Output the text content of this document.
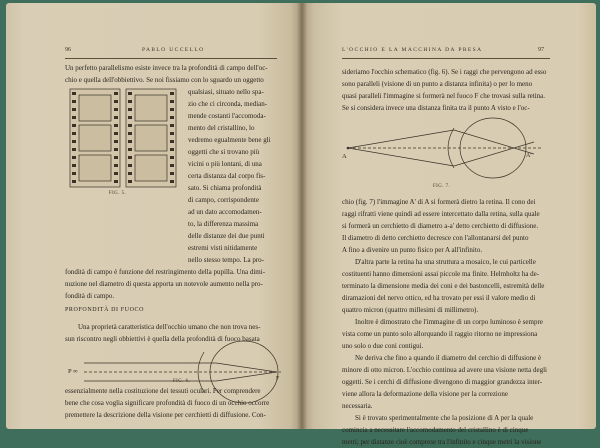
96	PABLO UCCELLO
Un perfetto parallelismo esiste invece tra la profondità di campo dell'oc-
chio e quella dell'obbiettivo. Se noi fissiamo con lo sguardo un oggetto
qualsiasi, situato nello spa-
zio che ci circonda, median-
mende costanti l'accomoda-
mento del cristallino, lo
vedremo egualmente bene gli
oggetti che si trovano più
vicini o più lontani, di una
certa distanza dal corpo fis-
sato. Si chiama profondità
di campo, corrispondente
ad un dato accomodamen-
to, la differenza massima
delle distanze dei due punti
estremi visti nitidamente
nello stesso tempo. La pro-
fondità di campo è funzione del restringimento della pupilla. Una dimi-
nuzione nel diametro di questa apporta un notevole aumento nella pro-
fondità di campo.
FIG. 5.
PROFONDITÀ DI FUOCO
Una proprietà caratteristica dell'occhio umano che non trova nes-
sun riscontro negli obbiettivi è quella della profondità di fuoco basata
P ∞
F
FIG. 6.
essenzialmente nella costituzione dei tessuti oculari. Per comprendere
bene che cosa voglia significare profondità di fuoco di un occhio occorre
premettere la descrizione della visione per cerchietti di diffusione. Con-
L'OCCHIO E LA MACCHINA DA PRESA	97
sideriamo l'occhio schematico (fig. 6). Se i raggi che pervengono ad esso
sono paralleli (visione di un punto a distanza infinita) o per lo meno
quasi paralleli l'immagine si formerà nel fuoco F che trovasi sulla retina.
Se si considera invece una distanza finita tra il punto A visto e l'oc-
A	A'
FIG. 7.
chio (fig. 7) l'immagine A' di A si formerà dietro la retina. Il cono dei
raggi rifratti viene quindi ad essere intercettato dalla retina, sulla quale
si formerà un cerchietto di diametro a-a' detto cerchietto di diffusione.
Il diametro di detto cerchietto decresce con l'allontanarsi del punto
A fino a divenire un punto fisico per A all'infinito.
D'altra parte la retina ha una struttura a mosaico, le cui particelle
costituenti hanno dimensioni assai piccole ma finite. Helmholtz ha de-
terminato la dimensione media dei coni e dei bastoncelli, estremità delle
diramazioni del nervo ottico, ed ha trovato per essi il valore medio di
quattro micron (quattro millesimi di millimetro).
Inoltre è dimostrato che l'immagine di un corpo luminoso è sempre
vista come un punto solo allorquando il raggio ritorno ne impressiona
uno solo o due coni contigui.
Ne deriva che fino a quando il diametro del cerchio di diffusione è
minore di otto micron. L'occhio continua ad avere una visione netta degli
oggetti. Se i cerchi di diffusione divengono di maggior grandezza inter-
viene allora la deformazione della visione per la correzione
necessaria.
Si è trovato sperimentalmente che la posizione di A per la quale
comincia a necessitare l'accomodamento del cristallino è di cinque
metri; per distanze cioè comprese tra l'infinito e cinque metri la visione
